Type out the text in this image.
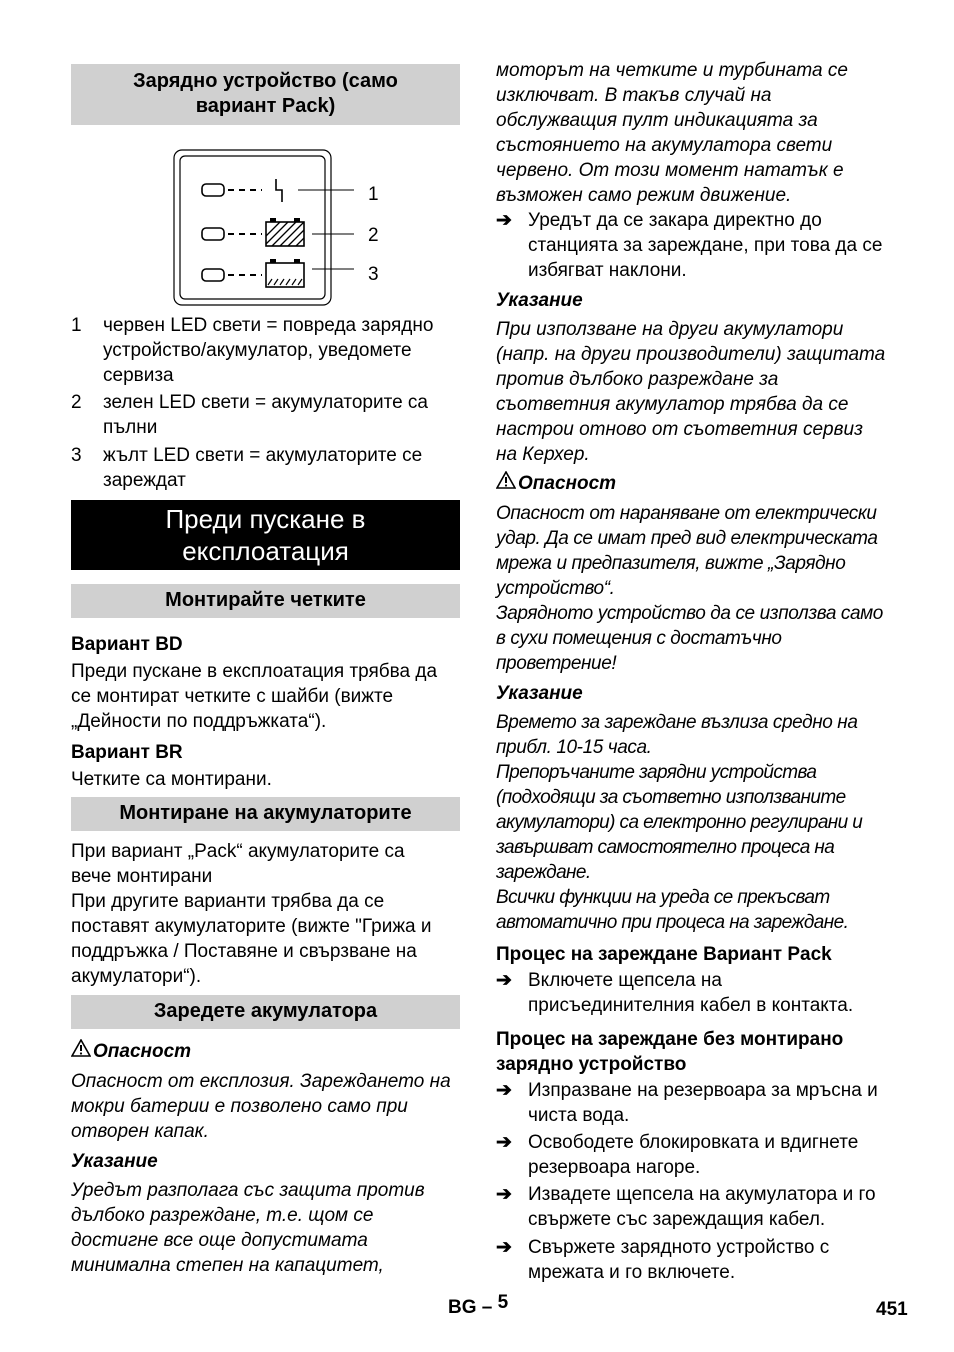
Зарядно устройство (само вариант Pack)
1
2
3
1 червен LED свети = повреда зарядно устройство/акумулатор, уведомете сервиза
2 зелен LED свети = акумулаторите са пълни
3 жълт LED свети = акумулаторите се зареждат
Преди пускане в експлоатация
Монтирайте четките

Вариант BD

Преди пускане в експлоатация трябва да се монтират четките с шайби (вижте „Дейности по поддръжката“).

Вариант BR

Четките са монтирани.

Монтиране на акумулаторите

При вариант „Pack“ акумулаторите са вече монтирани

При другите варианти трябва да се поставят акумулаторите (вижте "Грижа и поддръжка / Поставяне и свързване на акумулатори“).

Заредете акумулатора

Опасност

Опасност от експлозия. Зареждането на мокри батерии е позволено само при отворен капак.

Указание

Уредът разполага със защита против дълбоко разреждане, т.е. щом се достигне все още допустимата минимална степен на капацитет,

моторът на четките и турбината се изключват. В такъв случай на обслужващия пулт индикацията за състоянието на акумулатора свети червено. От този момент нататък е възможен само режим движение.

➔ Уредът да се закара директно до станцията за зареждане, при това да се избягват наклони.

Указание

При използване на други акумулатори (напр. на други производители) защитата против дълбоко разреждане за съответния акумулатор трябва да се настрои отново от съответния сервиз на Керхер.

Опасност

Опасност от нараняване от електрически удар. Да се имат пред вид електрическата мрежа и предпазителя, вижте „Зарядно устройство“.

Зарядното устройство да се използва само в сухи помещения с достатъчно проветрение!

Указание

Времето за зареждане възлиза средно на прибл. 10-15 часа.

Препоръчаните зарядни устройства (подходящи за съответно използваните акумулатори) са електронно регулирани и завършват самостоятелно процеса на зареждане.

Всички функции на уреда се прекъсват автоматично при процеса на зареждане.

Процес на зареждане Вариант Pack

➔ Включете щепсела на присъединителния кабел в контакта.

Процес на зареждане без монтирано зарядно устройство

➔ Изпразване на резервоара за мръсна и чиста вода.
➔ Освободете блокировката и вдигнете резервоара нагоре.
➔ Извадете щепсела на акумулатора и го свържете със зареждащия кабел.
➔ Свържете зарядното устройство с мрежата и го включете.
BG – 5	451
